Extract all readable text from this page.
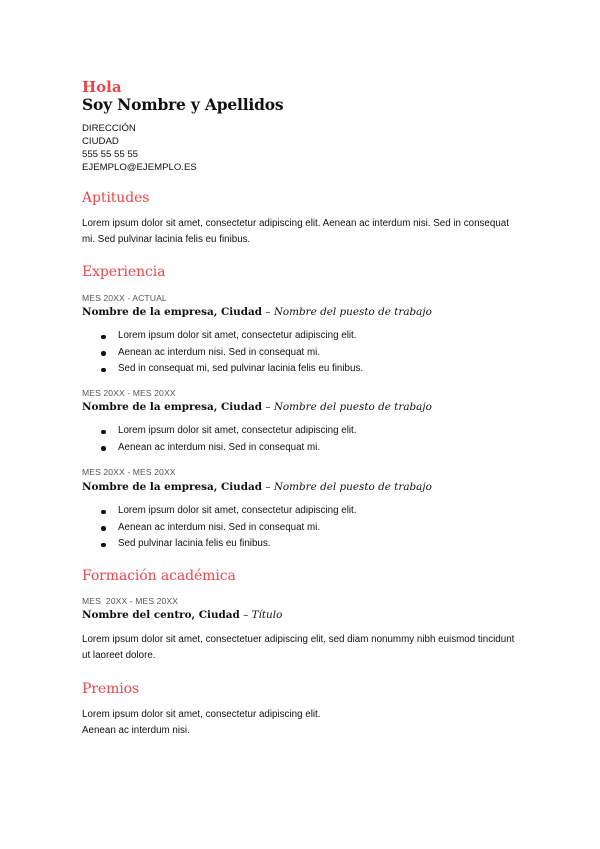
Hola
Soy Nombre y Apellidos
DIRECCIÓN
CIUDAD
555 55 55 55
EJEMPLO@EJEMPLO.ES
Aptitudes
Lorem ipsum dolor sit amet, consectetur adipiscing elit. Aenean ac interdum nisi. Sed in consequat mi. Sed pulvinar lacinia felis eu finibus.
Experiencia
MES 20XX - ACTUAL
Nombre de la empresa, Ciudad – Nombre del puesto de trabajo
Lorem ipsum dolor sit amet, consectetur adipiscing elit.
Aenean ac interdum nisi. Sed in consequat mi.
Sed in consequat mi, sed pulvinar lacinia felis eu finibus.
MES 20XX - MES 20XX
Nombre de la empresa, Ciudad – Nombre del puesto de trabajo
Lorem ipsum dolor sit amet, consectetur adipiscing elit.
Aenean ac interdum nisi. Sed in consequat mi.
MES 20XX - MES 20XX
Nombre de la empresa, Ciudad – Nombre del puesto de trabajo
Lorem ipsum dolor sit amet, consectetur adipiscing elit.
Aenean ac interdum nisi. Sed in consequat mi.
Sed pulvinar lacinia felis eu finibus.
Formación académica
MES  20XX - MES 20XX
Nombre del centro, Ciudad – Título
Lorem ipsum dolor sit amet, consectetuer adipiscing elit, sed diam nonummy nibh euismod tincidunt ut laoreet dolore.
Premios
Lorem ipsum dolor sit amet, consectetur adipiscing elit.
Aenean ac interdum nisi.
